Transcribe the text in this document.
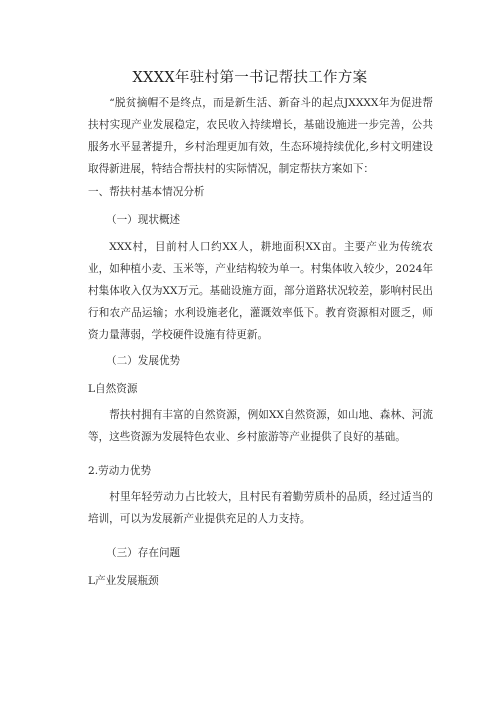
XXXX年驻村第一书记帮扶工作方案

“脱贫摘帽不是终点，而是新生活、新奋斗的起点JXXXX年为促进帮扶村实现产业发展稳定，农民收入持续增长，基础设施进一步完善，公共服务水平显著提升，乡村治理更加有效，生态环境持续优化,乡村文明建设取得新进展，特结合帮扶村的实际情况，制定帮扶方案如下：

一、帮扶村基本情况分析

（一）现状概述

XXX村，目前村人口约XX人，耕地面积XX亩。主要产业为传统农业，如种植小麦、玉米等，产业结构较为单一。村集体收入较少，2024年村集体收入仅为XX万元。基础设施方面，部分道路状况较差，影响村民出行和农产品运输；水利设施老化，灌溉效率低下。教育资源相对匮乏，师资力量薄弱，学校硬件设施有待更新。

（二）发展优势

L自然资源

帮扶村拥有丰富的自然资源，例如XX自然资源，如山地、森林、河流等，这些资源为发展特色农业、乡村旅游等产业提供了良好的基础。

2.劳动力优势

村里年轻劳动力占比较大，且村民有着勤劳质朴的品质，经过适当的培训，可以为发展新产业提供充足的人力支持。

（三）存在问题

L产业发展瓶颈
